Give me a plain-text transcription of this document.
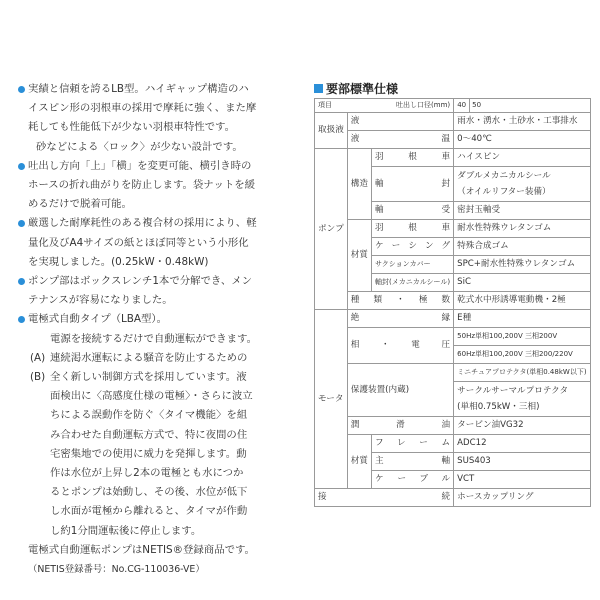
実績と信頼を誇るLB型。ハイギャップ構造のハ
イスピン形の羽根車の採用で摩耗に強く、また摩
耗しても性能低下が少ない羽根車特性です。
砂などによる〈ロック〉が少ない設計です。
吐出し方向「上」「横」を変更可能、横引き時の
ホースの折れ曲がりを防止します。袋ナットを緩
めるだけで脱着可能。
厳選した耐摩耗性のある複合材の採用により、軽
量化及びA4サイズの紙とほぼ同等という小形化
を実現しました。(0.25kW・0.48kW)
ポンプ部はボックスレンチ1本で分解でき、メン
テナンスが容易になりました。
電極式自動タイプ（LBA型）。
電源を接続するだけで自動運転ができます。
(A) 連続渇水運転による騒音を防止するための
(B) 全く新しい制御方式を採用しています。液
面検出に〈高感度仕様の電極〉・さらに波立
ちによる誤動作を防ぐ〈タイマ機能〉を組
み合わせた自動運転方式で、特に夜間の住
宅密集地での使用に威力を発揮します。動
作は水位が上昇し2本の電極とも水につか
るとポンプは始動し、その後、水位が低下
し水面が電極から離れると、タイマが作動
し約1分間運転後に停止します。
電極式自動運転ポンプはNETIS®登録商品です。
（NETIS登録番号：No.CG-110036-VE）
要部標準仕様
項目 吐出し口径(mm)			40	50
取扱液	液		雨水・湧水・土砂水・工事排水	
	液 温		0～40℃	
ポンプ	構造	羽根車	ハイスピン	
		軸封	ダブルメカニカルシール
（オイルリフター装備）	

		軸受	密封玉軸受	
	材質	羽根車	耐水性特殊ウレタンゴム	
		ケーシング	特殊合成ゴム	
		サクションカバー	SPC+耐水性特殊ウレタンゴム	
		軸封(メカニカルシール)	SiC	
	種類・極数		乾式水中形誘導電動機・2極	
モータ	絶縁		E種	
	相・電圧		50Hz単相100,200V 三相200V	
			60Hz単相100,200V 三相200/220V	
	保護装置(内蔵)		ミニチュアプロテクタ(単相0.48kW以下)	

			サークルサーマルプロテクタ
(単相0.75kW・三相)	

	潤滑油		タービン油VG32	
	材質	フレーム	ADC12	
		主軸	SUS403	
		ケーブル	VCT	
接続			ホースカップリング	
